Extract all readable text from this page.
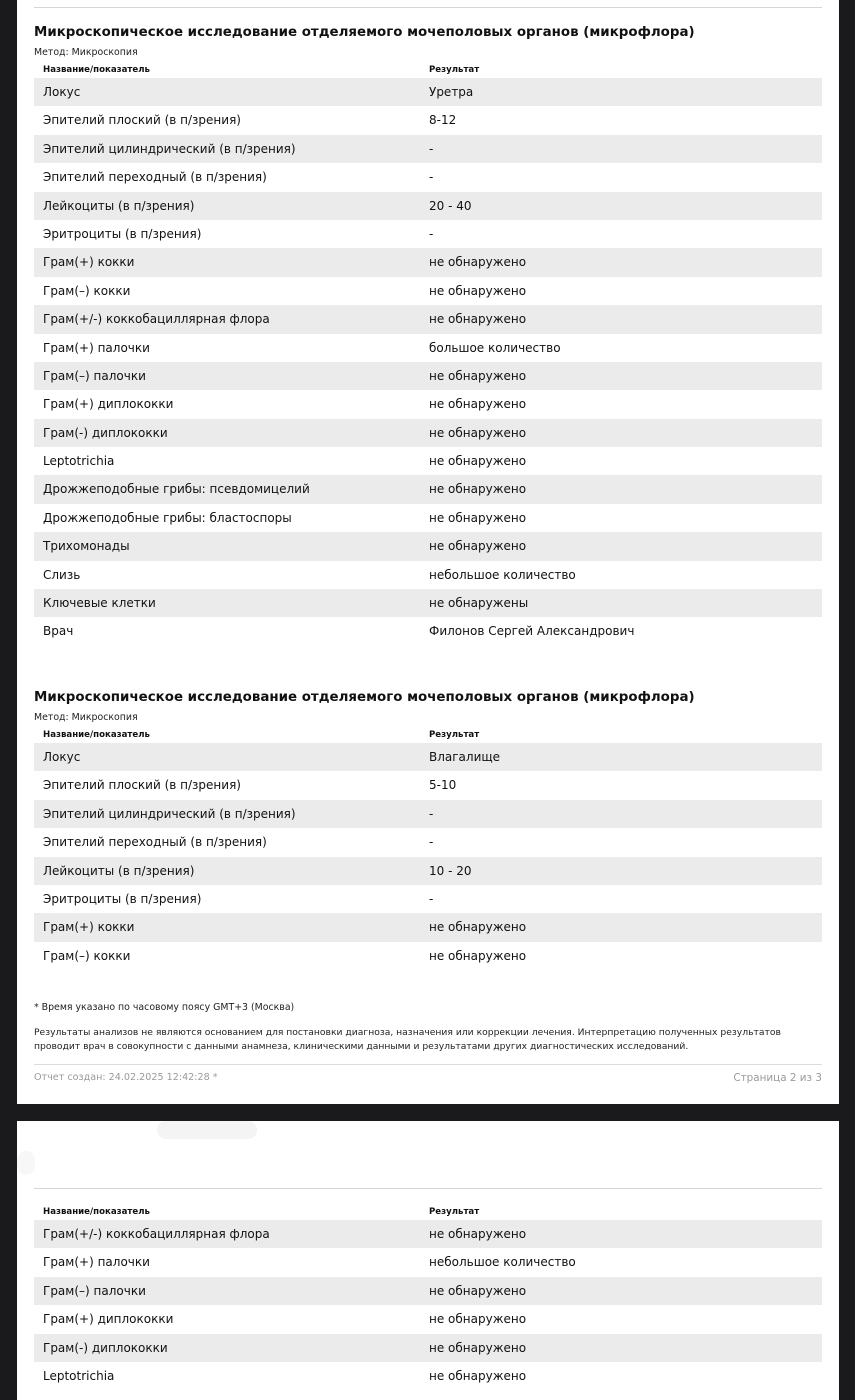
Микроскопическое исследование отделяемого мочеполовых органов (микрофлора)
Метод: Микроскопия
Название/показатель	Результат
Локус	Уретра
Эпителий плоский (в п/зрения)	8-12
Эпителий цилиндрический (в п/зрения)	-
Эпителий переходный (в п/зрения)	-
Лейкоциты (в п/зрения)	20 - 40
Эритроциты (в п/зрения)	-
Грам(+) кокки	не обнаружено
Грам(–) кокки	не обнаружено
Грам(+/-) коккобациллярная флора	не обнаружено
Грам(+) палочки	большое количество
Грам(–) палочки	не обнаружено
Грам(+) диплококки	не обнаружено
Грам(-) диплококки	не обнаружено
Leptotrichia	не обнаружено
Дрожжеподобные грибы: псевдомицелий	не обнаружено
Дрожжеподобные грибы: бластоспоры	не обнаружено
Трихомонады	не обнаружено
Слизь	небольшое количество
Ключевые клетки	не обнаружены
Врач	Филонов Сергей Александрович
Микроскопическое исследование отделяемого мочеполовых органов (микрофлора)
Метод: Микроскопия
Название/показатель	Результат
Локус	Влагалище
Эпителий плоский (в п/зрения)	5-10
Эпителий цилиндрический (в п/зрения)	-
Эпителий переходный (в п/зрения)	-
Лейкоциты (в п/зрения)	10 - 20
Эритроциты (в п/зрения)	-
Грам(+) кокки	не обнаружено
Грам(–) кокки	не обнаружено
* Время указано по часовому поясу GMT+3 (Москва)
Результаты анализов не являются основанием для постановки диагноза, назначения или коррекции лечения. Интерпретацию полученных результатов проводит врач в совокупности с данными анамнеза, клиническими данными и результатами других диагностических исследований.
Отчет создан: 24.02.2025 12:42:28 *	Страница 2 из 3
Название/показатель	Результат
Грам(+/-) коккобациллярная флора	не обнаружено
Грам(+) палочки	небольшое количество
Грам(–) палочки	не обнаружено
Грам(+) диплококки	не обнаружено
Грам(-) диплококки	не обнаружено
Leptotrichia	не обнаружено
